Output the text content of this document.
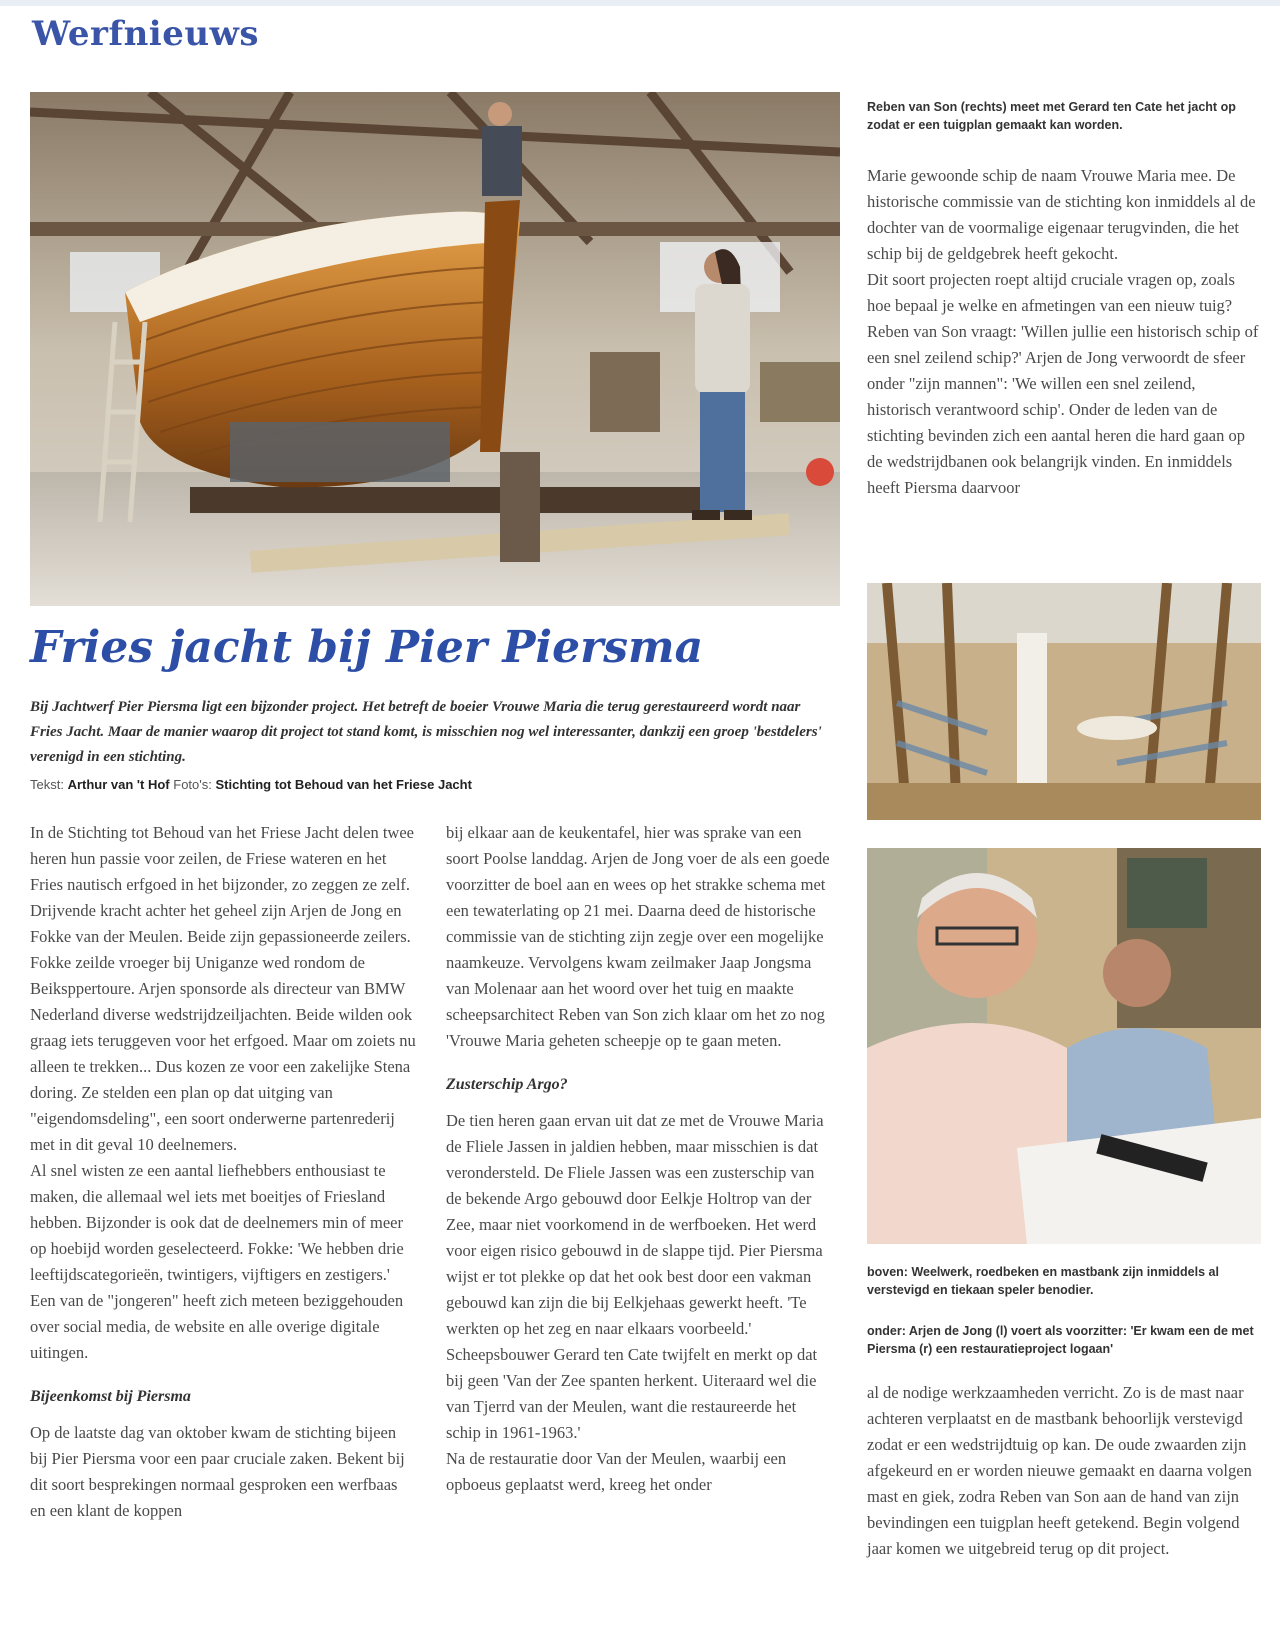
Werfnieuws
Reben van Son (rechts) meet met Gerard ten Cate het jacht op zodat er een tuigplan gemaakt kan worden.
Fries jacht bij Pier Piersma
Bij Jachtwerf Pier Piersma ligt een bijzonder project. Het betreft de boeier Vrouwe Maria die terug gerestaureerd wordt naar Fries Jacht. Maar de manier waarop dit project tot stand komt, is misschien nog wel interessanter, dankzij een groep 'bestdelers' verenigd in een stichting.
Tekst: Arthur van 't Hof Foto's: Stichting tot Behoud van het Friese Jacht

In de Stichting tot Behoud van het Friese Jacht delen twee heren hun passie voor zeilen, de Friese wateren en het Fries nautisch erfgoed in het bijzonder, zo zeggen ze zelf. Drijvende kracht achter het geheel zijn Arjen de Jong en Fokke van der Meulen. Beide zijn gepassioneerde zeilers. Fokke zeilde vroeger bij Uniganze wed rondom de Beiksppertoure. Arjen sponsorde als directeur van BMW Nederland diverse wedstrijdzeiljachten. Beide wilden ook graag iets teruggeven voor het erfgoed. Maar om zoiets nu alleen te trekken... Dus kozen ze voor een zakelijke Stena doring. Ze stelden een plan op dat uitging van "eigendomsdeling", een soort onderwerne partenrederij met in dit geval 10 deelnemers.

Al snel wisten ze een aantal liefhebbers enthousiast te maken, die allemaal wel iets met boeitjes of Friesland hebben. Bijzonder is ook dat de deelnemers min of meer op hoebijd worden geselecteerd. Fokke: 'We hebben drie leeftijdscategorieën, twintigers, vijftigers en zestigers.' Een van de "jongeren" heeft zich meteen beziggehouden over social media, de website en alle overige digitale uitingen.

Bijeenkomst bij Piersma

Op de laatste dag van oktober kwam de stichting bijeen bij Pier Piersma voor een paar cruciale zaken. Bekent bij dit soort besprekingen normaal gesproken een werfbaas en een klant de koppen

bij elkaar aan de keukentafel, hier was sprake van een soort Poolse landdag. Arjen de Jong voer de als een goede voorzitter de boel aan en wees op het strakke schema met een tewaterlating op 21 mei. Daarna deed de historische commissie van de stichting zijn zegje over een mogelijke naamkeuze. Vervolgens kwam zeilmaker Jaap Jongsma van Molenaar aan het woord over het tuig en maakte scheepsarchitect Reben van Son zich klaar om het zo nog 'Vrouwe Maria geheten scheepje op te gaan meten.

Zusterschip Argo?

De tien heren gaan ervan uit dat ze met de Vrouwe Maria de Fliele Jassen in jaldien hebben, maar misschien is dat verondersteld. De Fliele Jassen was een zusterschip van de bekende Argo gebouwd door Eelkje Holtrop van der Zee, maar niet voorkomend in de werfboeken. Het werd voor eigen risico gebouwd in de slappe tijd. Pier Piersma wijst er tot plekke op dat het ook best door een vakman gebouwd kan zijn die bij Eelkjehaas gewerkt heeft. 'Te werkten op het zeg en naar elkaars voorbeeld.' Scheepsbouwer Gerard ten Cate twijfelt en merkt op dat bij geen 'Van der Zee spanten herkent. Uiteraard wel die van Tjerrd van der Meulen, want die restaureerde het schip in 1961-1963.'

Na de restauratie door Van der Meulen, waarbij een opboeus geplaatst werd, kreeg het onder

Marie gewoonde schip de naam Vrouwe Maria mee. De historische commissie van de stichting kon inmiddels al de dochter van de voormalige eigenaar terugvinden, die het schip bij de geldgebrek heeft gekocht.

Dit soort projecten roept altijd cruciale vragen op, zoals hoe bepaal je welke en afmetingen van een nieuw tuig? Reben van Son vraagt: 'Willen jullie een historisch schip of een snel zeilend schip?' Arjen de Jong verwoordt de sfeer onder "zijn mannen": 'We willen een snel zeilend, historisch verantwoord schip'. Onder de leden van de stichting bevinden zich een aantal heren die hard gaan op de wedstrijdbanen ook belangrijk vinden. En inmiddels heeft Piersma daarvoor

boven: Weelwerk, roedbeken en mastbank zijn inmiddels al verstevigd en tiekaan speler benodier.
onder: Arjen de Jong (l) voert als voorzitter: 'Er kwam een de met Piersma (r) een restauratieproject logaan'

al de nodige werkzaamheden verricht. Zo is de mast naar achteren verplaatst en de mastbank behoorlijk verstevigd zodat er een wedstrijdtuig op kan. De oude zwaarden zijn afgekeurd en er worden nieuwe gemaakt en daarna volgen mast en giek, zodra Reben van Son aan de hand van zijn bevindingen een tuigplan heeft getekend. Begin volgend jaar komen we uitgebreid terug op dit project.
